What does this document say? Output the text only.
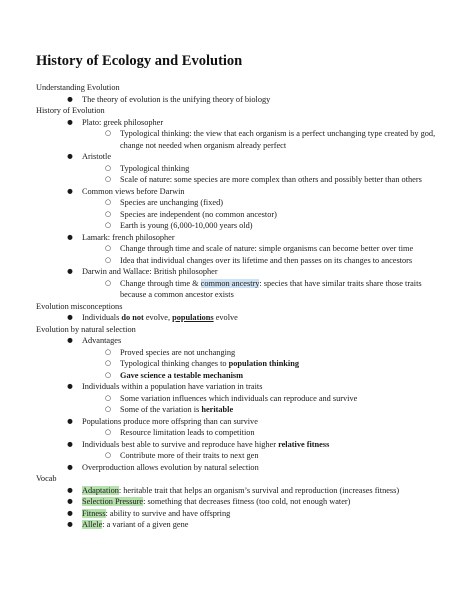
History of Ecology and Evolution
Understanding Evolution
●	The theory of evolution is the unifying theory of biology
History of Evolution
●	Plato: greek philosopher
○	Typological thinking: the view that each organism is a perfect unchanging type created by god, change not needed when organism already perfect
●	Aristotle
○	Typological thinking
○	Scale of nature: some species are more complex than others and possibly better than others
●	Common views before Darwin
○	Species are unchanging (fixed)
○	Species are independent (no common ancestor)
○	Earth is young (6,000-10,000 years old)
●	Lamark: french philosopher
○	Change through time and scale of nature: simple organisms can become better over time
○	Idea that individual changes over its lifetime and then passes on its changes to ancestors
●	Darwin and Wallace: British philosopher
○	Change through time & common ancestry: species that have similar traits share those traits because a common ancestor exists
Evolution misconceptions
●	Individuals do not evolve, populations evolve
Evolution by natural selection
●	Advantages
○	Proved species are not unchanging
○	Typological thinking changes to population thinking
○	Gave science a testable mechanism
●	Individuals within a population have variation in traits
○	Some variation influences which individuals can reproduce and survive
○	Some of the variation is heritable
●	Populations produce more offspring than can survive
○	Resource limitation leads to competition
●	Individuals best able to survive and reproduce have higher relative fitness
○	Contribute more of their traits to next gen
●	Overproduction allows evolution by natural selection
Vocab
●	Adaptation: heritable trait that helps an organism’s survival and reproduction (increases fitness)
●	Selection Pressure: something that decreases fitness (too cold, not enough water)
●	Fitness: ability to survive and have offspring
●	Allele: a variant of a given gene
